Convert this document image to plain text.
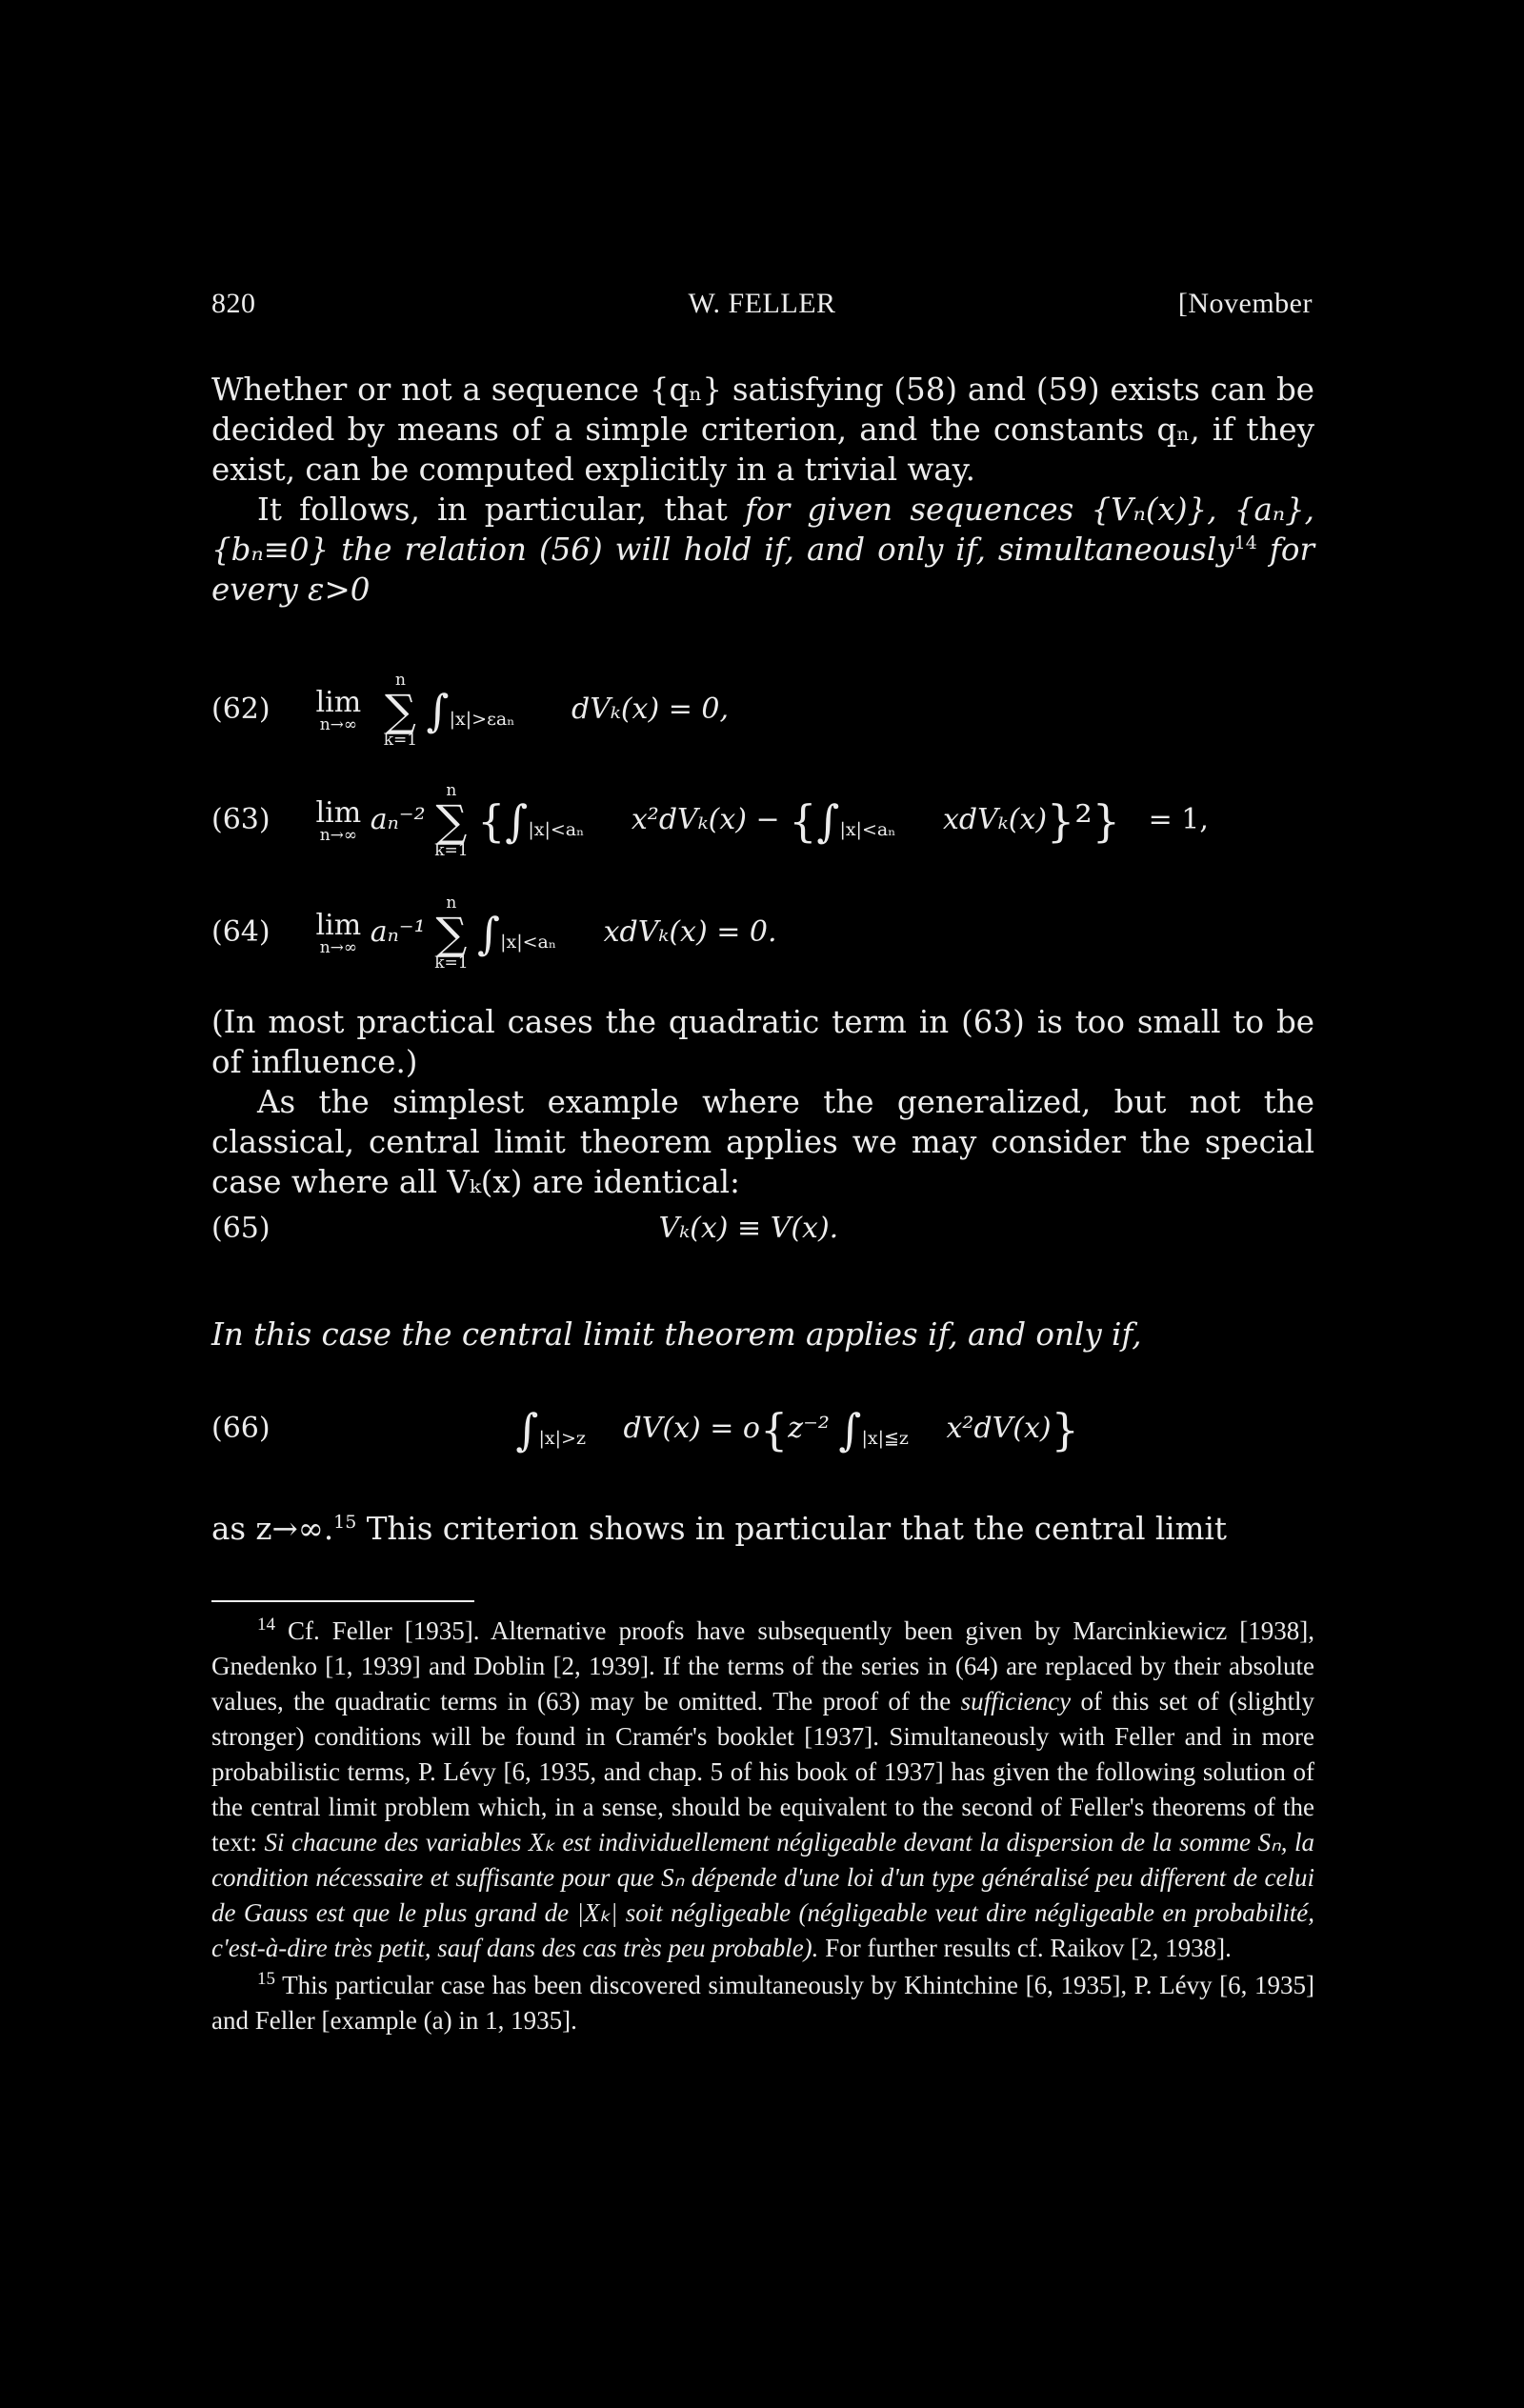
820	W. FELLER	[November

Whether or not a sequence {qₙ} satisfying (58) and (59) exists can be decided by means of a simple criterion, and the constants qₙ, if they exist, can be computed explicitly in a trivial way.

It follows, in particular, that for given sequences {Vₙ(x)}, {aₙ}, {bₙ≡0} the relation (56) will hold if, and only if, simultaneously$^{14}$ for every ε>0

(62) lim
n→∞

n
∑
k=1
$\int_{|x|>\varepsilon a_n}$ dVₖ(x) = 0,
(63) lim
n→∞ aₙ⁻²
n
∑
k=1
{$\int_{|x|<a_n}$ $x^2dV_k(x) - \{\int_{|x|<a_n}$ xdVₖ(x)}²} = 1,
(64) lim
n→∞ aₙ⁻¹
n
∑
k=1
$\int_{|x|<a_n}$ xdVₖ(x) = 0.

(In most practical cases the quadratic term in (63) is too small to be of influence.)

As the simplest example where the generalized, but not the classical, central limit theorem applies we may consider the special case where all Vₖ(x) are identical:

(65)	Vₖ(x) ≡ V(x).

In this case the central limit theorem applies if, and only if,

(66)	$\int_{|x|>z}$ dV(x) = o{z⁻² $\int_{|x|≦z}$ x²dV(x)}

as z→∞.$^{15}$ This criterion shows in particular that the central limit

$^{14}$ Cf. Feller [1935]. Alternative proofs have subsequently been given by Marcinkiewicz [1938], Gnedenko [1, 1939] and Doblin [2, 1939]. If the terms of the series in (64) are replaced by their absolute values, the quadratic terms in (63) may be omitted. The proof of the sufficiency of this set of (slightly stronger) conditions will be found in Cramér's booklet [1937]. Simultaneously with Feller and in more probabilistic terms, P. Lévy [6, 1935, and chap. 5 of his book of 1937] has given the following solution of the central limit problem which, in a sense, should be equivalent to the second of Feller's theorems of the text: Si chacune des variables Xₖ est individuellement négligeable devant la dispersion de la somme Sₙ, la condition nécessaire et suffisante pour que Sₙ dépende d'une loi d'un type généralisé peu different de celui de Gauss est que le plus grand de |Xₖ| soit négligeable (négligeable veut dire négligeable en probabilité, c'est-à-dire très petit, sauf dans des cas très peu probable). For further results cf. Raikov [2, 1938].

$^{15}$ This particular case has been discovered simultaneously by Khintchine [6, 1935], P. Lévy [6, 1935] and Feller [example (a) in 1, 1935].
